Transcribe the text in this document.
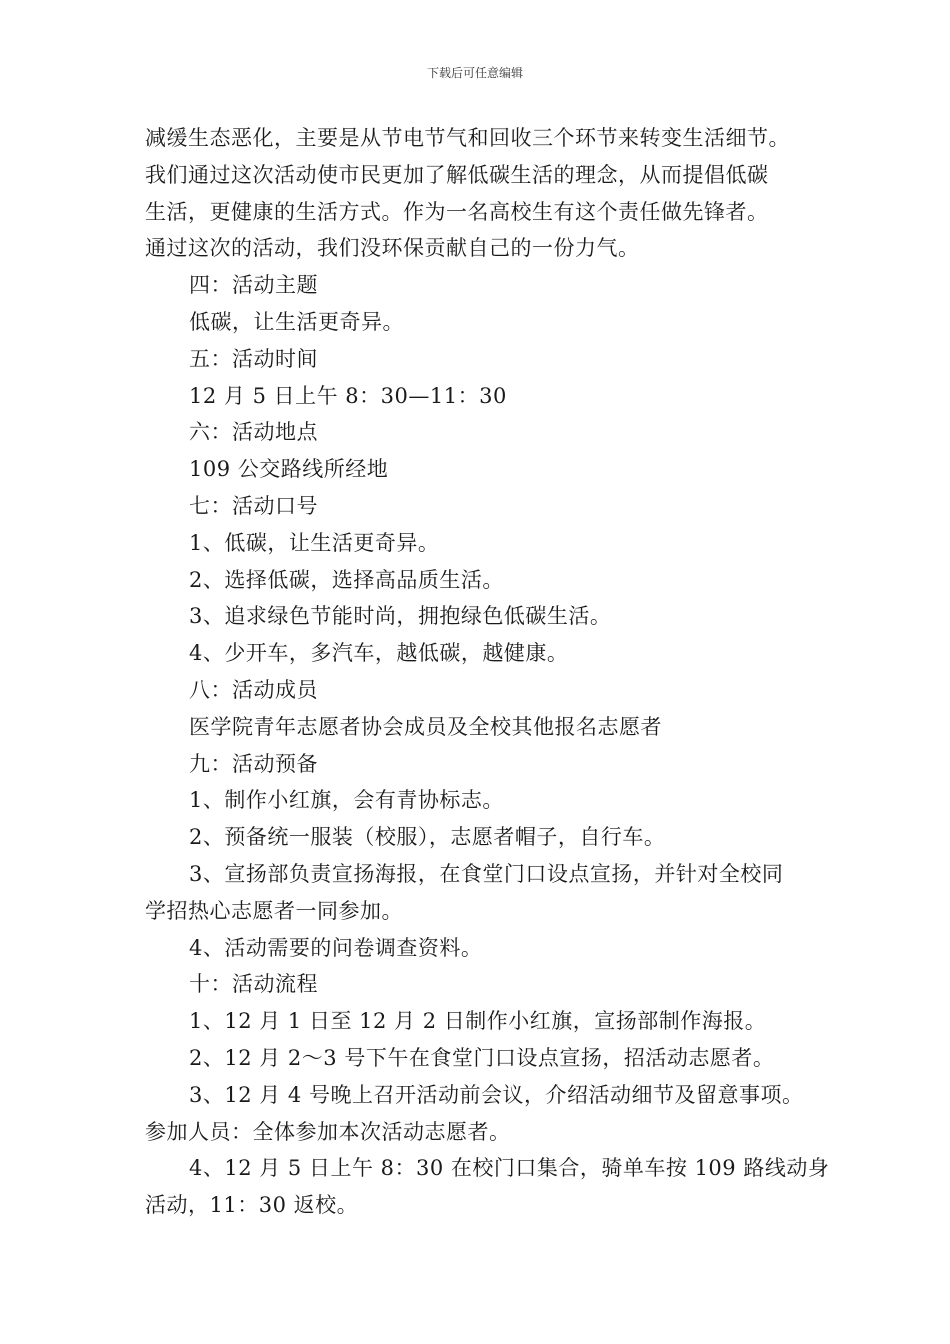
下载后可任意编辑
减缓生态恶化，主要是从节电节气和回收三个环节来转变生活细节。
我们通过这次活动使市民更加了解低碳生活的理念，从而提倡低碳
生活，更健康的生活方式。作为一名高校生有这个责任做先锋者。
通过这次的活动，我们没环保贡献自己的一份力气。
四：活动主题
低碳，让生活更奇异。
五：活动时间
12 月 5 日上午 8：30—11：30
六：活动地点
109 公交路线所经地
七：活动口号
1、低碳，让生活更奇异。
2、选择低碳，选择高品质生活。
3、追求绿色节能时尚，拥抱绿色低碳生活。
4、少开车，多汽车，越低碳，越健康。
八：活动成员
医学院青年志愿者协会成员及全校其他报名志愿者
九：活动预备
1、制作小红旗，会有青协标志。
2、预备统一服装（校服），志愿者帽子，自行车。
3、宣扬部负责宣扬海报，在食堂门口设点宣扬，并针对全校同
学招热心志愿者一同参加。
4、活动需要的问卷调查资料。
十：活动流程
1、12 月 1 日至 12 月 2 日制作小红旗，宣扬部制作海报。
2、12 月 2～3 号下午在食堂门口设点宣扬，招活动志愿者。
3、12 月 4 号晚上召开活动前会议，介绍活动细节及留意事项。
参加人员：全体参加本次活动志愿者。
4、12 月 5 日上午 8：30 在校门口集合，骑单车按 109 路线动身
活动，11：30 返校。
